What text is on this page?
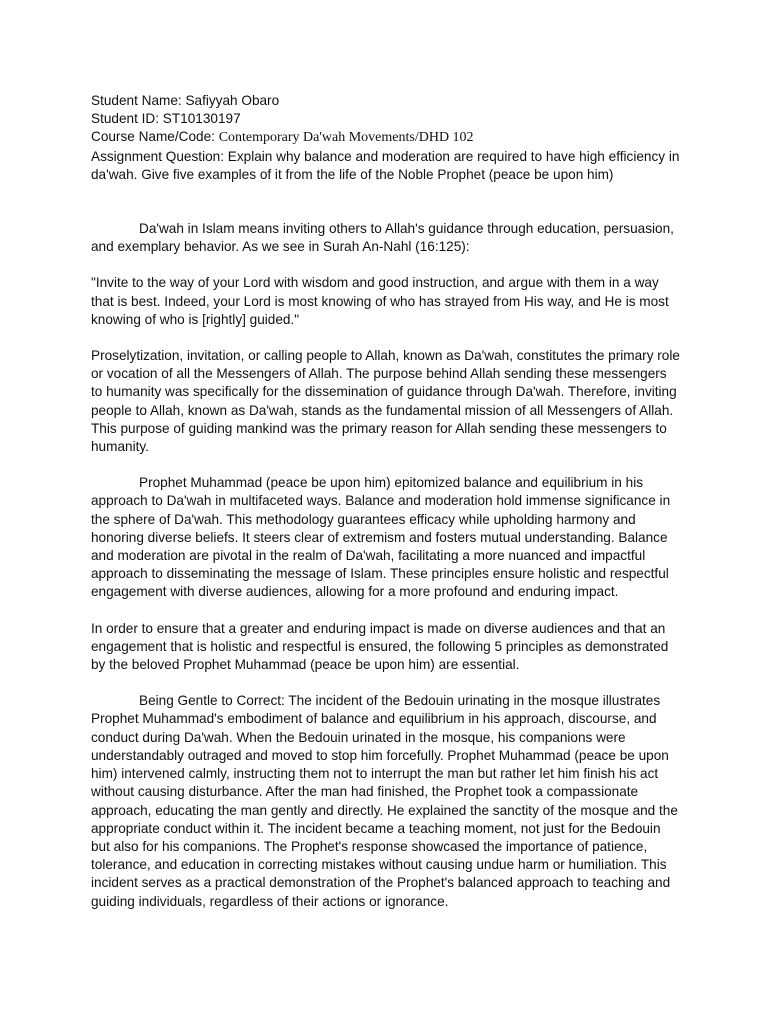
Student Name: Safiyyah Obaro
Student ID: ST10130197
Course Name/Code: Contemporary Da'wah Movements/DHD 102
Assignment Question: Explain why balance and moderation are required to have high efficiency in da'wah. Give five examples of it from the life of the Noble Prophet (peace be upon him)

Da'wah in Islam means inviting others to Allah's guidance through education, persuasion, and exemplary behavior. As we see in Surah An-Nahl (16:125):

"Invite to the way of your Lord with wisdom and good instruction, and argue with them in a way that is best. Indeed, your Lord is most knowing of who has strayed from His way, and He is most knowing of who is [rightly] guided."

Proselytization, invitation, or calling people to Allah, known as Da'wah, constitutes the primary role or vocation of all the Messengers of Allah. The purpose behind Allah sending these messengers to humanity was specifically for the dissemination of guidance through Da'wah. Therefore, inviting people to Allah, known as Da'wah, stands as the fundamental mission of all Messengers of Allah. This purpose of guiding mankind was the primary reason for Allah sending these messengers to humanity.

Prophet Muhammad (peace be upon him) epitomized balance and equilibrium in his approach to Da'wah in multifaceted ways. Balance and moderation hold immense significance in the sphere of Da'wah. This methodology guarantees efficacy while upholding harmony and honoring diverse beliefs. It steers clear of extremism and fosters mutual understanding. Balance and moderation are pivotal in the realm of Da'wah, facilitating a more nuanced and impactful approach to disseminating the message of Islam. These principles ensure holistic and respectful engagement with diverse audiences, allowing for a more profound and enduring impact.

In order to ensure that a greater and enduring impact is made on diverse audiences and that an engagement that is holistic and respectful is ensured, the following 5 principles as demonstrated by the beloved Prophet Muhammad (peace be upon him) are essential.

Being Gentle to Correct: The incident of the Bedouin urinating in the mosque illustrates Prophet Muhammad's embodiment of balance and equilibrium in his approach, discourse, and conduct during Da'wah. When the Bedouin urinated in the mosque, his companions were understandably outraged and moved to stop him forcefully. Prophet Muhammad (peace be upon him) intervened calmly, instructing them not to interrupt the man but rather let him finish his act without causing disturbance. After the man had finished, the Prophet took a compassionate approach, educating the man gently and directly. He explained the sanctity of the mosque and the appropriate conduct within it. The incident became a teaching moment, not just for the Bedouin but also for his companions. The Prophet's response showcased the importance of patience, tolerance, and education in correcting mistakes without causing undue harm or humiliation. This incident serves as a practical demonstration of the Prophet's balanced approach to teaching and guiding individuals, regardless of their actions or ignorance.
